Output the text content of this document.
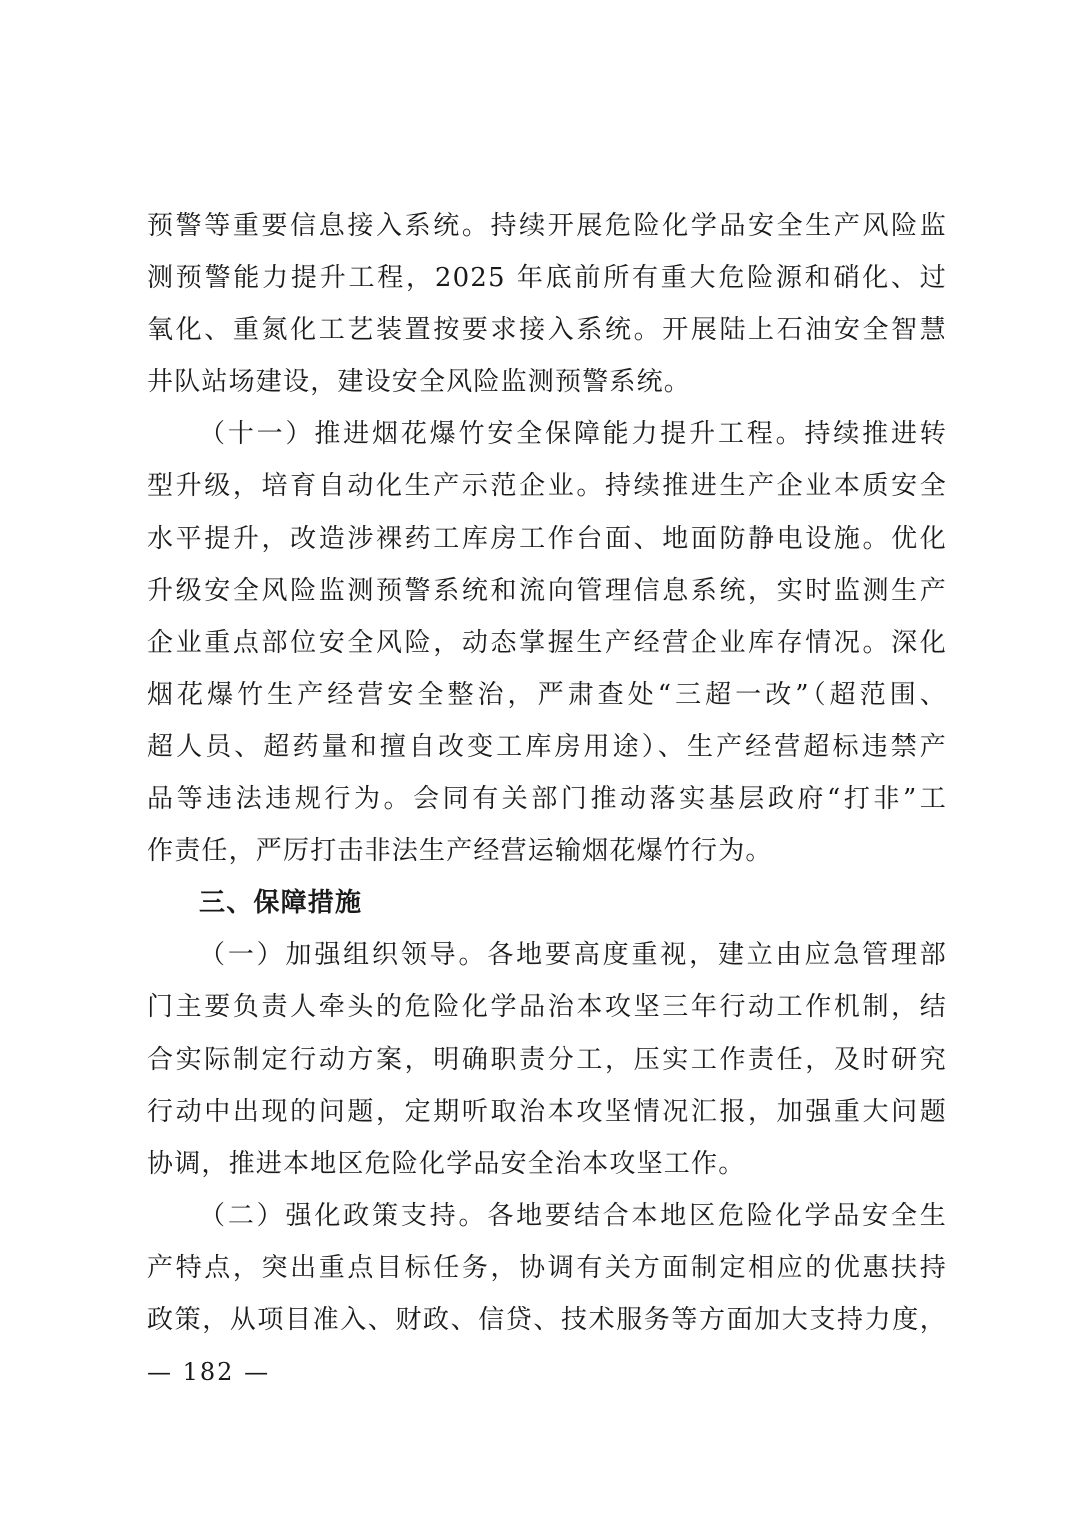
预警等重要信息接入系统。持续开展危险化学品安全生产风险监
测预警能力提升工程，2025 年底前所有重大危险源和硝化、过
氧化、重氮化工艺装置按要求接入系统。开展陆上石油安全智慧
井队站场建设，建设安全风险监测预警系统。
（十一）推进烟花爆竹安全保障能力提升工程。持续推进转
型升级，培育自动化生产示范企业。持续推进生产企业本质安全
水平提升，改造涉裸药工库房工作台面、地面防静电设施。优化
升级安全风险监测预警系统和流向管理信息系统，实时监测生产
企业重点部位安全风险，动态掌握生产经营企业库存情况。深化
烟花爆竹生产经营安全整治，严肃查处“三超一改”（超范围、
超人员、超药量和擅自改变工库房用途）、生产经营超标违禁产
品等违法违规行为。会同有关部门推动落实基层政府“打非”工
作责任，严厉打击非法生产经营运输烟花爆竹行为。
三、保障措施
（一）加强组织领导。各地要高度重视，建立由应急管理部
门主要负责人牵头的危险化学品治本攻坚三年行动工作机制，结
合实际制定行动方案，明确职责分工，压实工作责任，及时研究
行动中出现的问题，定期听取治本攻坚情况汇报，加强重大问题
协调，推进本地区危险化学品安全治本攻坚工作。
（二）强化政策支持。各地要结合本地区危险化学品安全生
产特点，突出重点目标任务，协调有关方面制定相应的优惠扶持
政策，从项目准入、财政、信贷、技术服务等方面加大支持力度，
— 182 —
